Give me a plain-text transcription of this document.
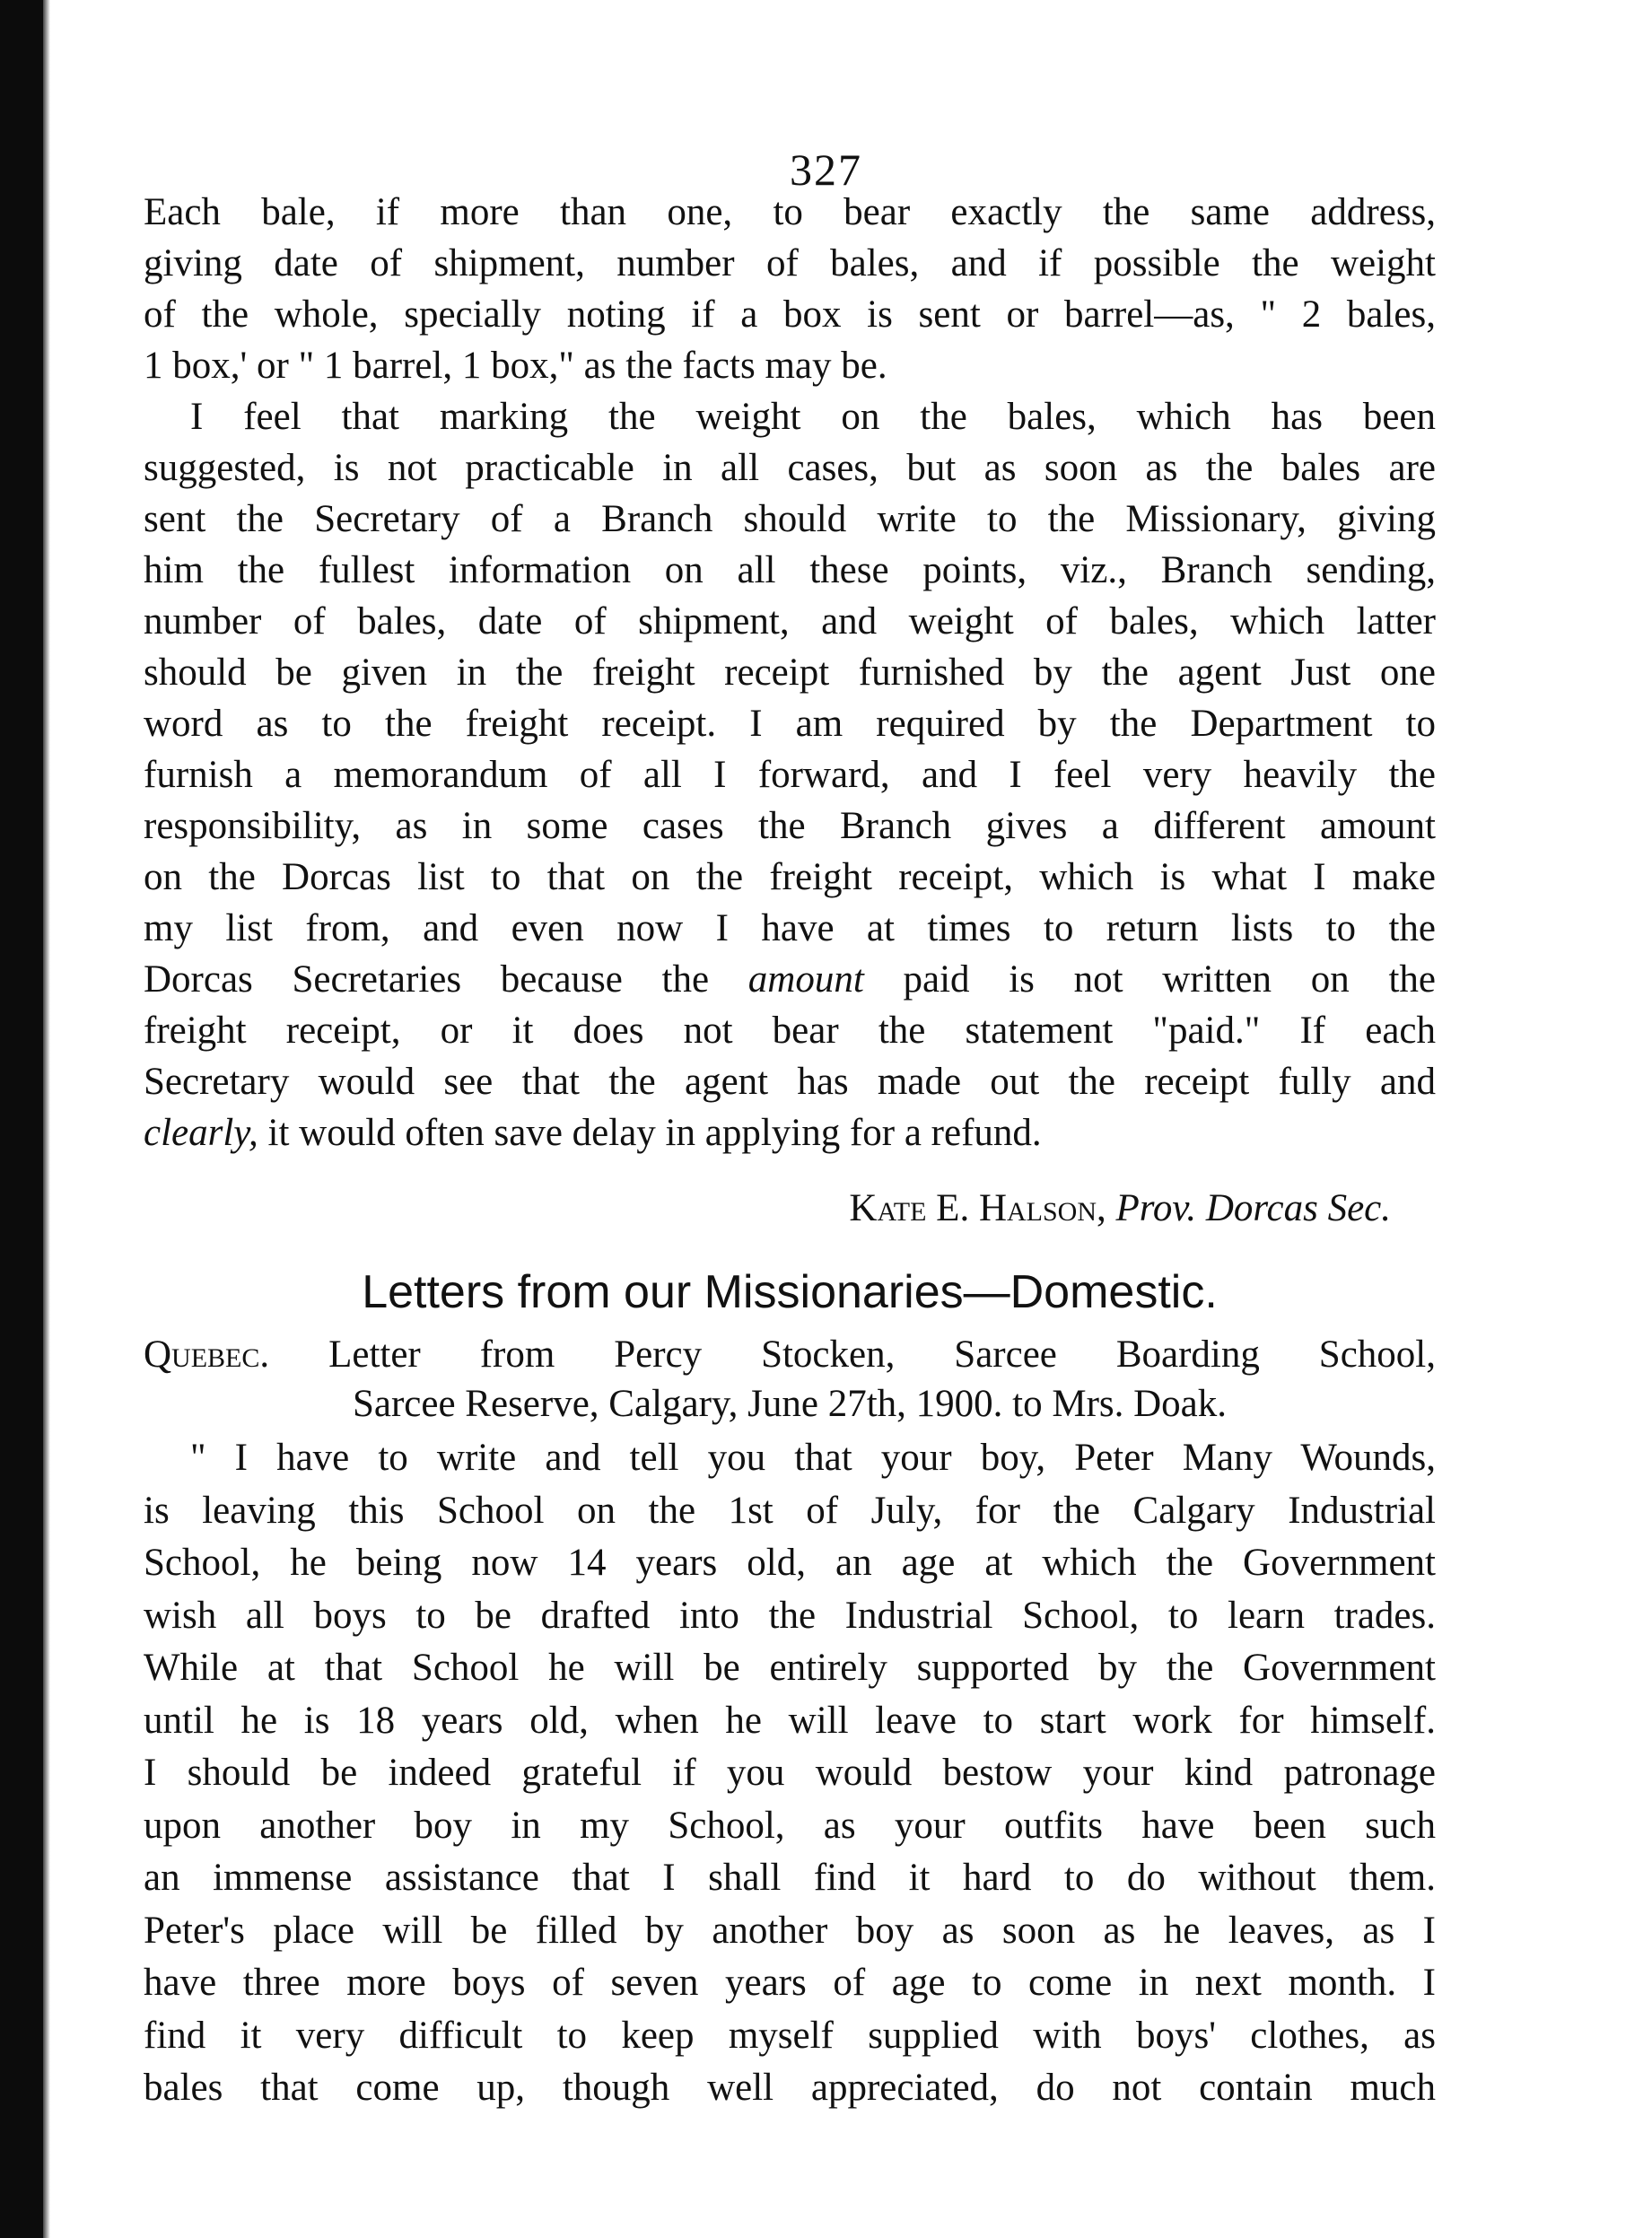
327
Each bale, if more than one, to bear exactly the same address,
giving date of shipment, number of bales, and if possible the weight
of the whole, specially noting if a box is sent or barrel—as, " 2 bales,
1 box,' or " 1 barrel, 1 box," as the facts may be.
I feel that marking the weight on the bales, which has been
suggested, is not practicable in all cases, but as soon as the bales are
sent the Secretary of a Branch should write to the Missionary, giving
him the fullest information on all these points, viz., Branch sending,
number of bales, date of shipment, and weight of bales, which latter
should be given in the freight receipt furnished by the agent Just one
word as to the freight receipt. I am required by the Department to
furnish a memorandum of all I forward, and I feel very heavily the
responsibility, as in some cases the Branch gives a different amount
on the Dorcas list to that on the freight receipt, which is what I make
my list from, and even now I have at times to return lists to the
Dorcas Secretaries because the amount paid is not written on the
freight receipt, or it does not bear the statement "paid." If each
Secretary would see that the agent has made out the receipt fully and
clearly, it would often save delay in applying for a refund.
Kate E. Halson, Prov. Dorcas Sec.
Letters from our Missionaries—Domestic.
Quebec. Letter from Percy Stocken, Sarcee Boarding School,
Sarcee Reserve, Calgary, June 27th, 1900. to Mrs. Doak.
" I have to write and tell you that your boy, Peter Many Wounds,
is leaving this School on the 1st of July, for the Calgary Industrial
School, he being now 14 years old, an age at which the Government
wish all boys to be drafted into the Industrial School, to learn trades.
While at that School he will be entirely supported by the Government
until he is 18 years old, when he will leave to start work for himself.
I should be indeed grateful if you would bestow your kind patronage
upon another boy in my School, as your outfits have been such
an immense assistance that I shall find it hard to do without them.
Peter's place will be filled by another boy as soon as he leaves, as I
have three more boys of seven years of age to come in next month. I
find it very difficult to keep myself supplied with boys' clothes, as
bales that come up, though well appreciated, do not contain much
